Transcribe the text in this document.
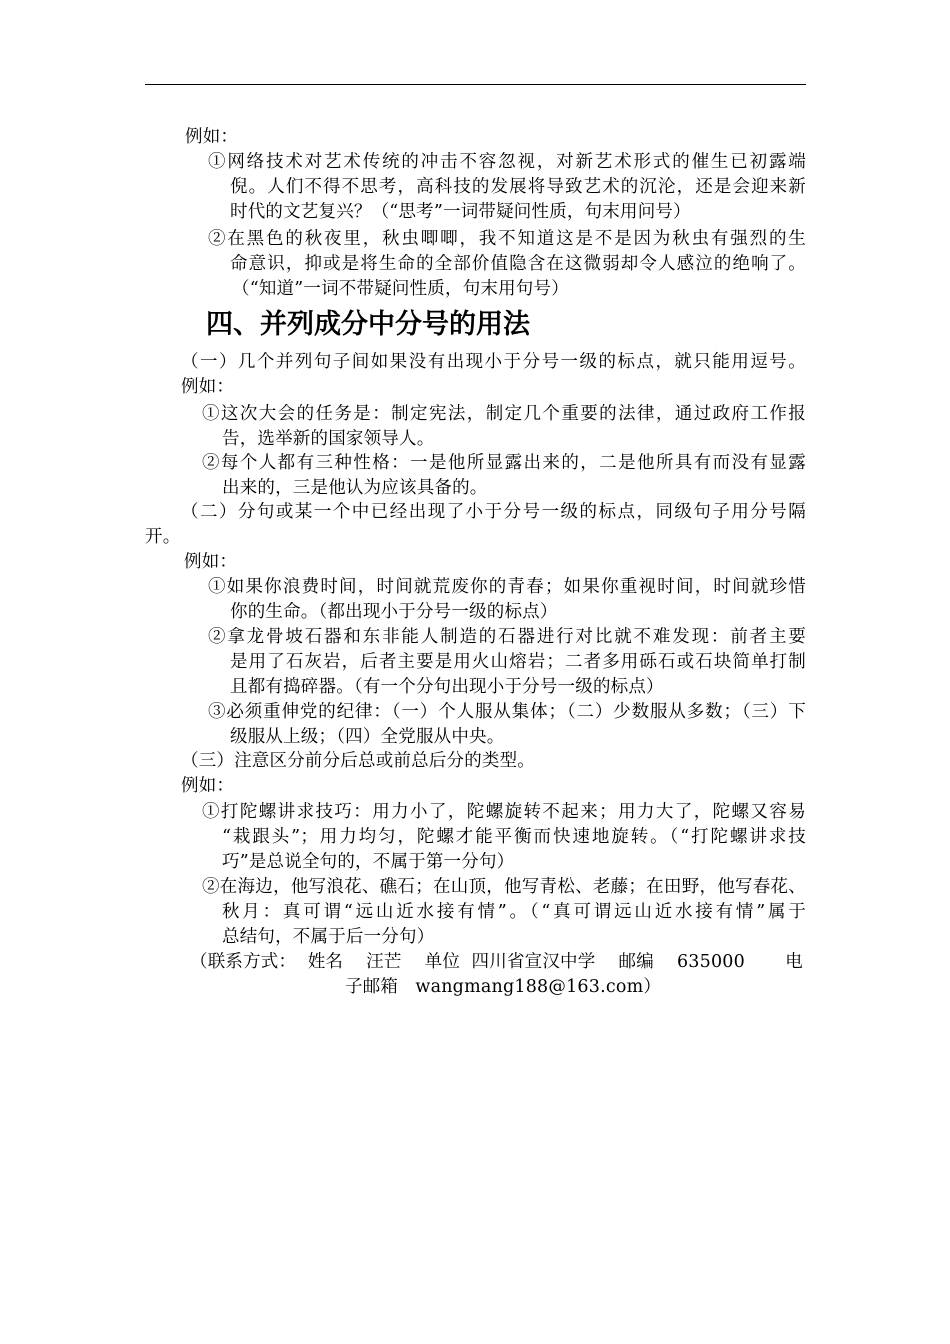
例如：
①网络技术对艺术传统的冲击不容忽视，对新艺术形式的催生已初露端
倪。人们不得不思考，高科技的发展将导致艺术的沉沦，还是会迎来新
时代的文艺复兴？（“思考”一词带疑问性质，句末用问号）
②在黑色的秋夜里，秋虫唧唧，我不知道这是不是因为秋虫有强烈的生
命意识，抑或是将生命的全部价值隐含在这微弱却令人感泣的绝响了。
（“知道”一词不带疑问性质，句末用句号）
四、并列成分中分号的用法
（一）几个并列句子间如果没有出现小于分号一级的标点，就只能用逗号。
例如：
①这次大会的任务是：制定宪法，制定几个重要的法律，通过政府工作报
告，选举新的国家领导人。
②每个人都有三种性格：一是他所显露出来的，二是他所具有而没有显露
出来的，三是他认为应该具备的。
（二）分句或某一个中已经出现了小于分号一级的标点，同级句子用分号隔
开。
例如：
①如果你浪费时间，时间就荒废你的青春；如果你重视时间，时间就珍惜
你的生命。（都出现小于分号一级的标点）
②拿龙骨坡石器和东非能人制造的石器进行对比就不难发现：前者主要
是用了石灰岩，后者主要是用火山熔岩；二者多用砾石或石块简单打制
且都有捣碎器。（有一个分句出现小于分号一级的标点）
③必须重伸党的纪律：（一）个人服从集体；（二）少数服从多数；（三）下
级服从上级；（四）全党服从中央。
（三）注意区分前分后总或前总后分的类型。
例如：
①打陀螺讲求技巧：用力小了，陀螺旋转不起来；用力大了，陀螺又容易
“栽跟头”；用力均匀，陀螺才能平衡而快速地旋转。（“打陀螺讲求技
巧”是总说全句的，不属于第一分句）
②在海边，他写浪花、礁石；在山顶，他写青松、老藤；在田野，他写春花、
秋月：真可谓“远山近水接有情”。（“真可谓远山近水接有情”属于
总结句，不属于后一分句）
（联系方式：  姓名    汪芒    单位  四川省宣汉中学    邮编    635000       电
子邮箱   wangmang188@163.com）
